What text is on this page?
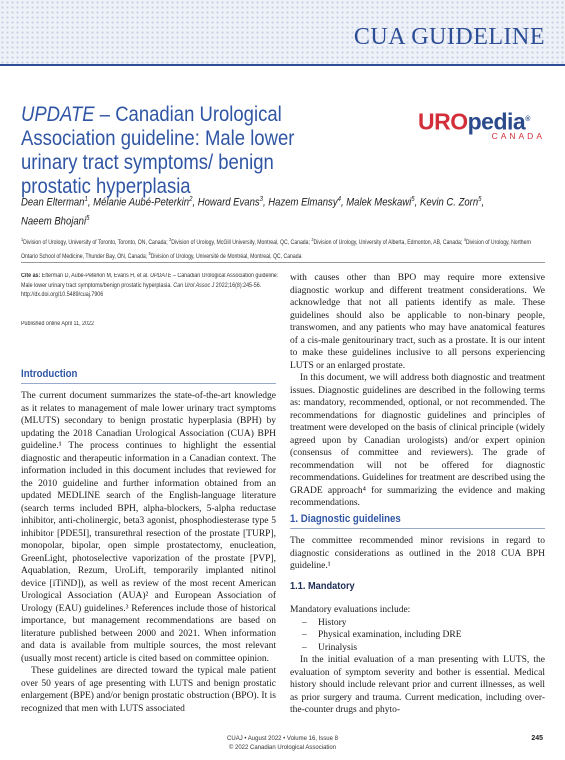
CUA GUIDELINE
UPDATE – Canadian Urological Association guideline: Male lower urinary tract symptoms/ benign prostatic hyperplasia
UROpedia®
CANADA
Dean Elterman$^1$, Mélanie Aubé-Peterkin$^2$, Howard Evans$^3$, Hazem Elmansy$^4$, Malek Meskawi$^5$, Kevin C. Zorn$^5$,
Naeem Bhojani$^5$
$^1$Division of Urology, University of Toronto, Toronto, ON, Canada; $^2$Division of Urology, McGill University, Montreal, QC, Canada; $^3$Division of Urology, University of Alberta, Edmonton, AB, Canada; $^4$Division of Urology, Northern Ontario School of Medicine, Thunder Bay, ON, Canada; $^5$Division of Urology, Université de Montréal, Montreal, QC, Canada
Cite as: Elterman D, Aubé-Peterkin M, Evans H, et al. UPDATE – Canadian Urological Association guideline: Male lower urinary tract symptoms/benign prostatic hyperplasia. Can Urol Assoc J 2022;16(8):245-56. http://dx.doi.org/10.5489/cuaj.7906
Published online April 11, 2022
Introduction

The current document summarizes the state-of-the-art knowledge as it relates to management of male lower urinary tract symptoms (MLUTS) secondary to benign prostatic hyperplasia (BPH) by updating the 2018 Canadian Urological Association (CUA) BPH guideline.¹ The process continues to highlight the essential diagnostic and therapeutic information in a Canadian context. The information included in this document includes that reviewed for the 2010 guideline and further information obtained from an updated MEDLINE search of the English-language literature (search terms included BPH, alpha-blockers, 5-alpha reductase inhibitor, anti-cholinergic, beta3 agonist, phosphodiesterase type 5 inhibitor [PDE5I], transurethral resection of the prostate [TURP], monopolar, bipolar, open simple prostatectomy, enucleation, GreenLight, photoselective vaporization of the prostate [PVP], Aquablation, Rezum, UroLift, temporarily implanted nitinol device [iTiND]), as well as review of the most recent American Urological Association (AUA)² and European Association of Urology (EAU) guidelines.³ References include those of historical importance, but management recommendations are based on literature published between 2000 and 2021. When information and data is available from multiple sources, the most relevant (usually most recent) article is cited based on committee opinion.

These guidelines are directed toward the typical male patient over 50 years of age presenting with LUTS and benign prostatic enlargement (BPE) and/or benign prostatic obstruction (BPO). It is recognized that men with LUTS associated

with causes other than BPO may require more extensive diagnostic workup and different treatment considerations. We acknowledge that not all patients identify as male. These guidelines should also be applicable to non-binary people, transwomen, and any patients who may have anatomical features of a cis-male genitourinary tract, such as a prostate. It is our intent to make these guidelines inclusive to all persons experiencing LUTS or an enlarged prostate.

In this document, we will address both diagnostic and treatment issues. Diagnostic guidelines are described in the following terms as: mandatory, recommended, optional, or not recommended. The recommendations for diagnostic guidelines and principles of treatment were developed on the basis of clinical principle (widely agreed upon by Canadian urologists) and/or expert opinion (consensus of committee and reviewers). The grade of recommendation will not be offered for diagnostic recommendations. Guidelines for treatment are described using the GRADE approach⁴ for summarizing the evidence and making recommendations.

1. Diagnostic guidelines

The committee recommended minor revisions in regard to diagnostic considerations as outlined in the 2018 CUA BPH guideline.¹

1.1. Mandatory

Mandatory evaluations include:

– History
– Physical examination, including DRE
– Urinalysis

In the initial evaluation of a man presenting with LUTS, the evaluation of symptom severity and bother is essential. Medical history should include relevant prior and current illnesses, as well as prior surgery and trauma. Current medication, including over-the-counter drugs and phyto-

CUAJ • August 2022 • Volume 16, Issue 8
© 2022 Canadian Urological Association
245
